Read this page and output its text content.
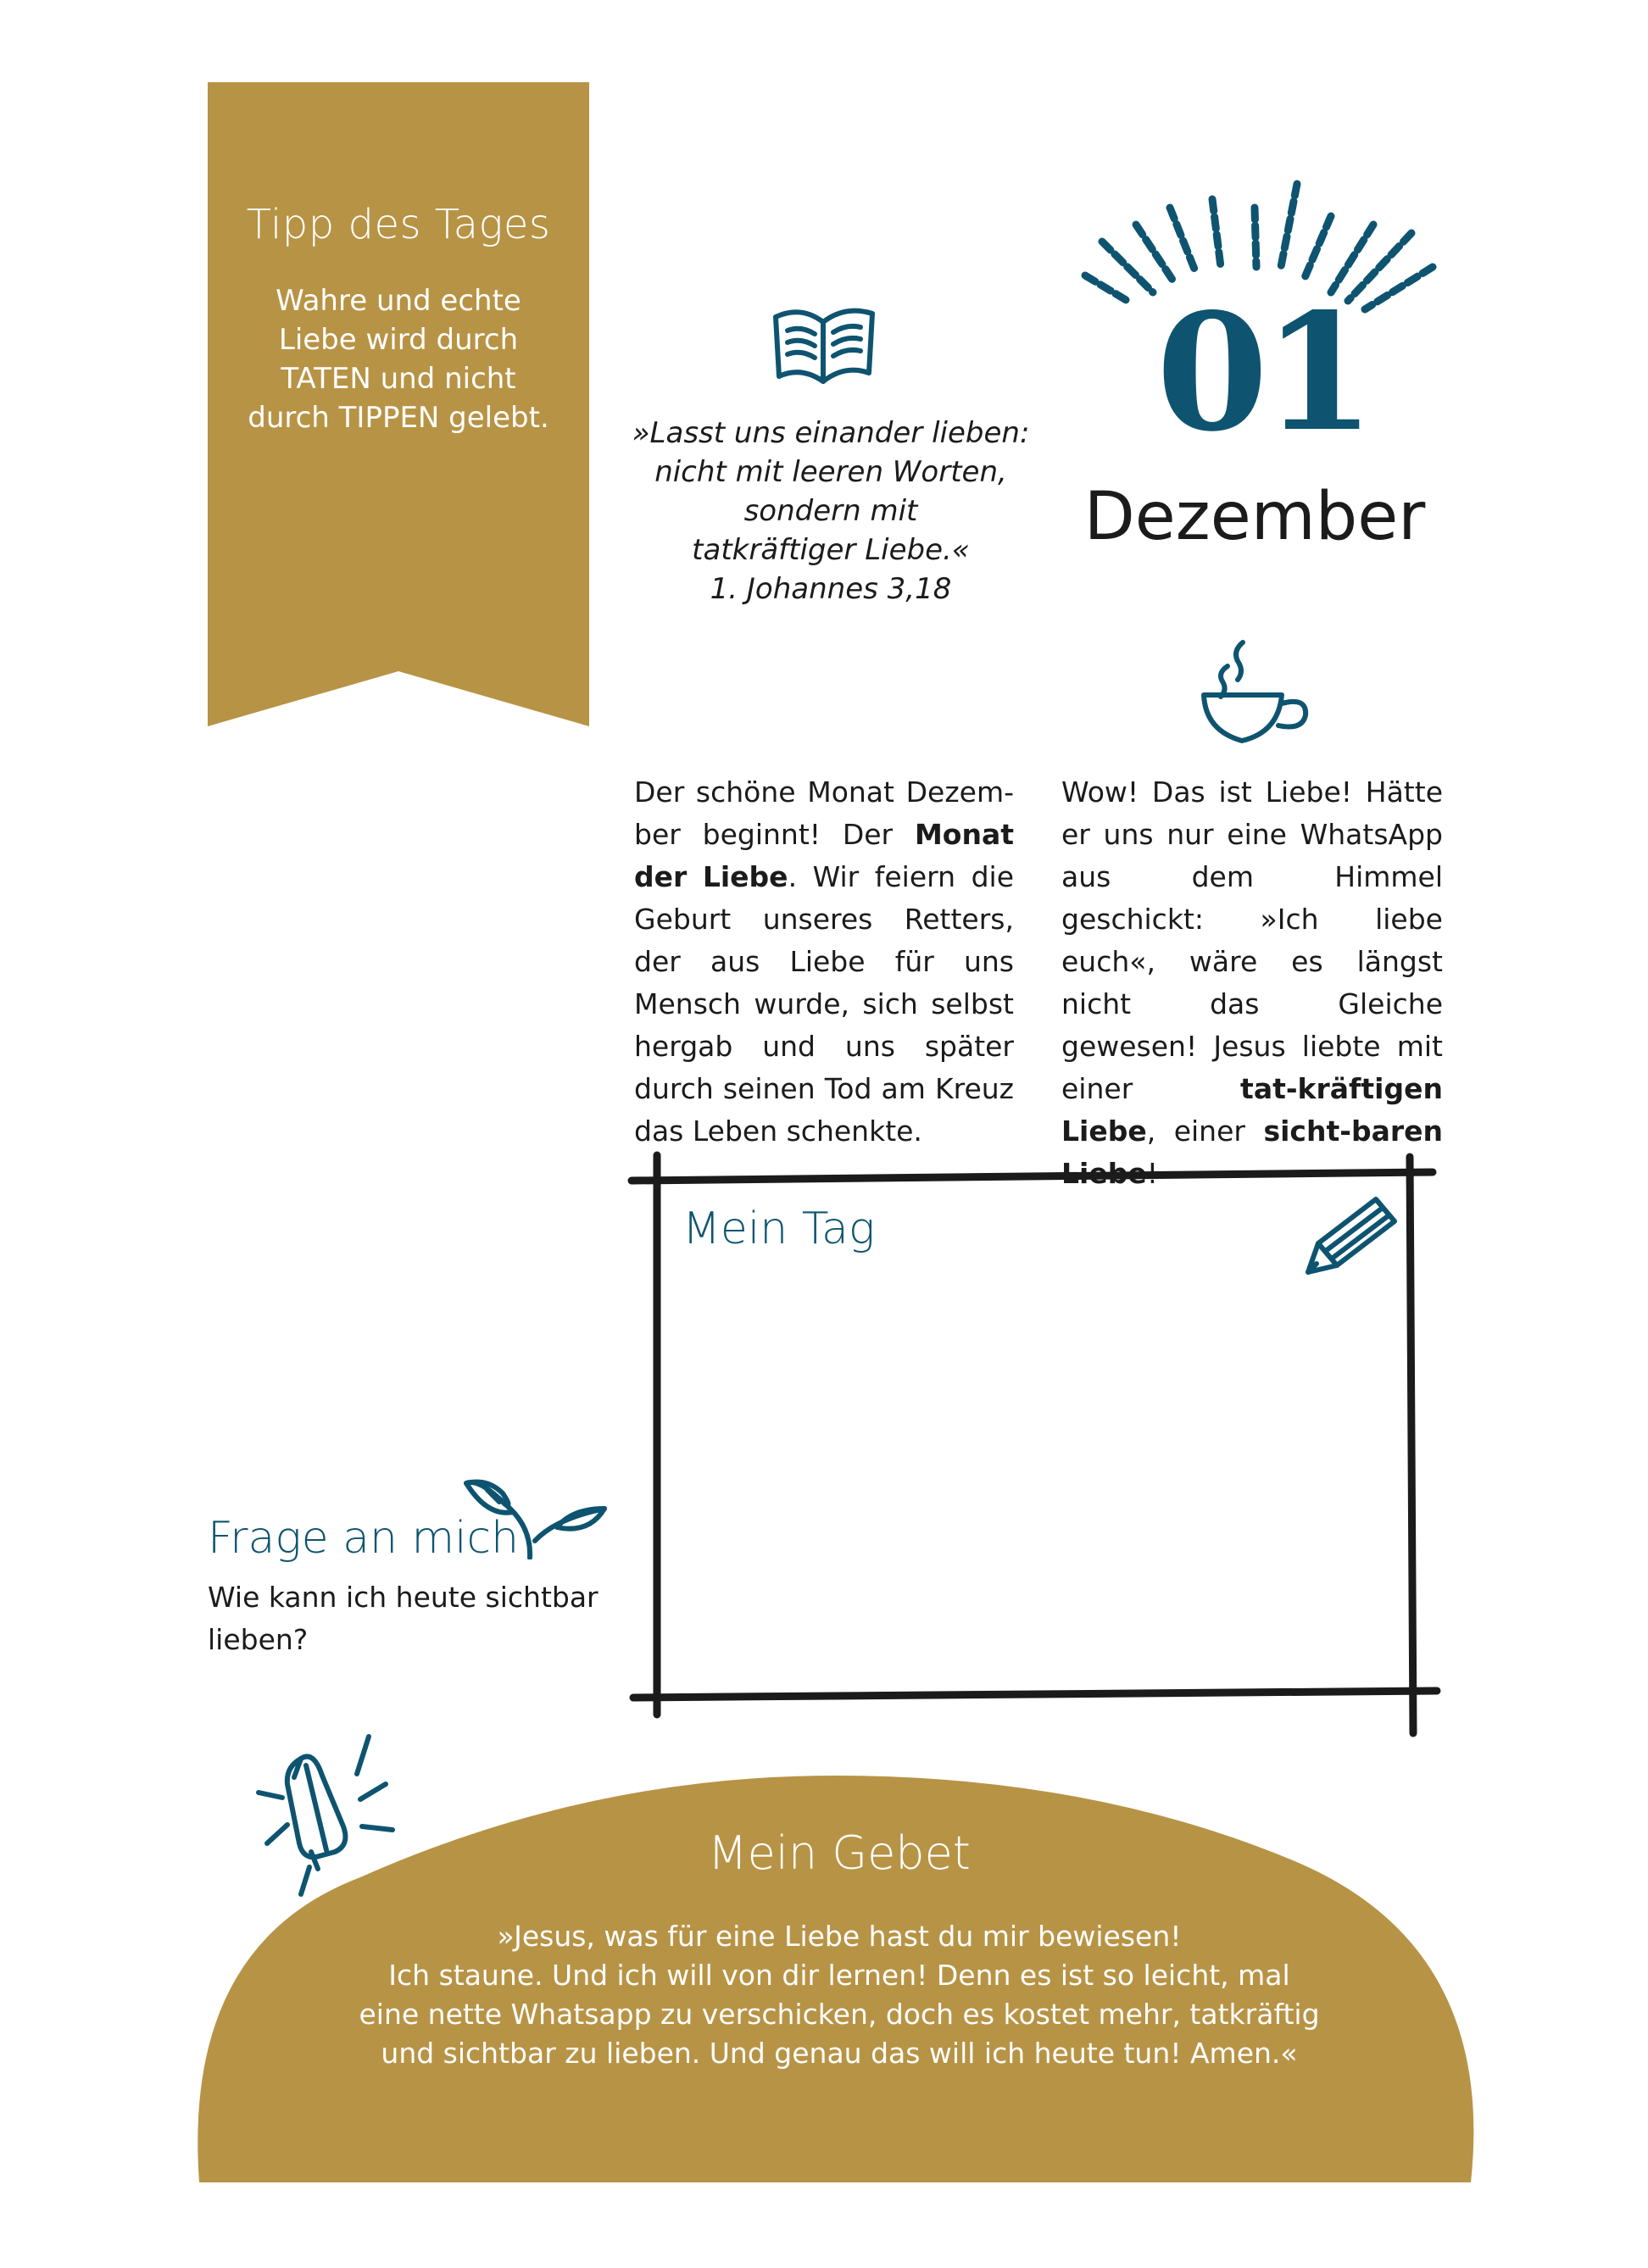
Tipp des Tages
Wahre und echte
Liebe wird durch
TATEN und nicht
durch TIPPEN gelebt.	»Lasst uns einander lieben:
nicht mit leeren Worten,
sondern mit
tatkräftiger Liebe.«
1. Johannes 3,18
01
Dezember
Der schöne Monat Dezem- ber beginnt! Der Monat der Liebe. Wir feiern die Geburt unseres Retters, der aus Liebe für uns Mensch wurde, sich selbst hergab und uns später durch seinen Tod am Kreuz das Leben schenkte.
Wow! Das ist Liebe! Hätte er uns nur eine WhatsApp aus dem Himmel geschickt: »Ich liebe euch«, wäre es längst nicht das Gleiche gewesen! Jesus liebte mit einer tat-kräftigen Liebe, einer sicht-baren Liebe!
Mein Tag
Frage an mich
Wie kann ich heute sichtbar lieben?
Mein Gebet
»Jesus, was für eine Liebe hast du mir bewiesen!
Ich staune. Und ich will von dir lernen! Denn es ist so leicht, mal
eine nette Whatsapp zu verschicken, doch es kostet mehr, tatkräftig
und sichtbar zu lieben. Und genau das will ich heute tun! Amen.«
